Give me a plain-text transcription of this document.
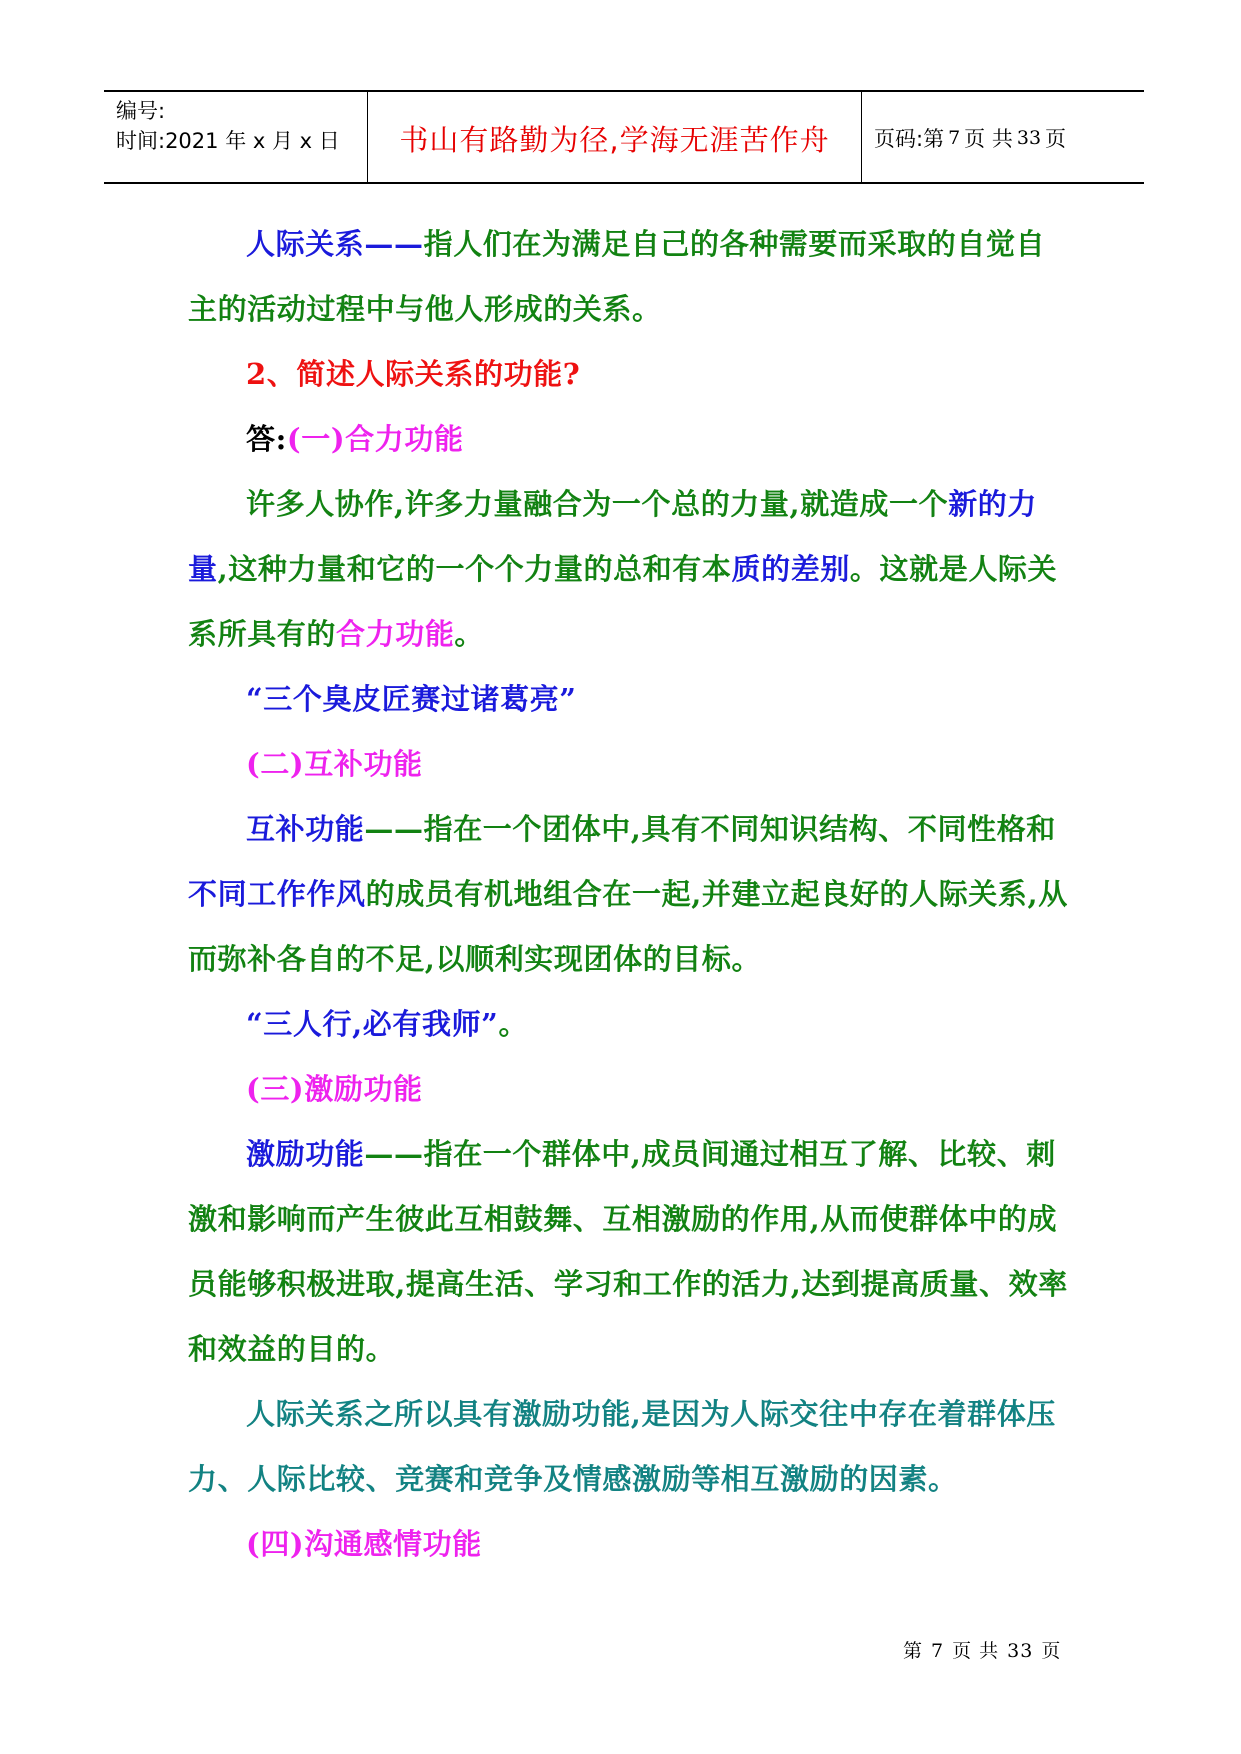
编号:
时间:2021 年 x 月 x 日	书山有路勤为径,学海无涯苦作舟	页码:第 7 页 共 33 页

人际关系——指人们在为满足自己的各种需要而采取的自觉自主的活动过程中与他人形成的关系。

2、简述人际关系的功能?

答:(一)合力功能

许多人协作,许多力量融合为一个总的力量,就造成一个新的力量,这种力量和它的一个个力量的总和有本质的差别。这就是人际关系所具有的合力功能。

“三个臭皮匠赛过诸葛亮”

(二)互补功能

互补功能——指在一个团体中,具有不同知识结构、不同性格和不同工作作风的成员有机地组合在一起,并建立起良好的人际关系,从而弥补各自的不足,以顺利实现团体的目标。

“三人行,必有我师”。

(三)激励功能

激励功能——指在一个群体中,成员间通过相互了解、比较、刺激和影响而产生彼此互相鼓舞、互相激励的作用,从而使群体中的成员能够积极进取,提高生活、学习和工作的活力,达到提高质量、效率和效益的目的。

人际关系之所以具有激励功能,是因为人际交往中存在着群体压力、人际比较、竞赛和竞争及情感激励等相互激励的因素。

(四)沟通感情功能

第 7 页 共 33 页
